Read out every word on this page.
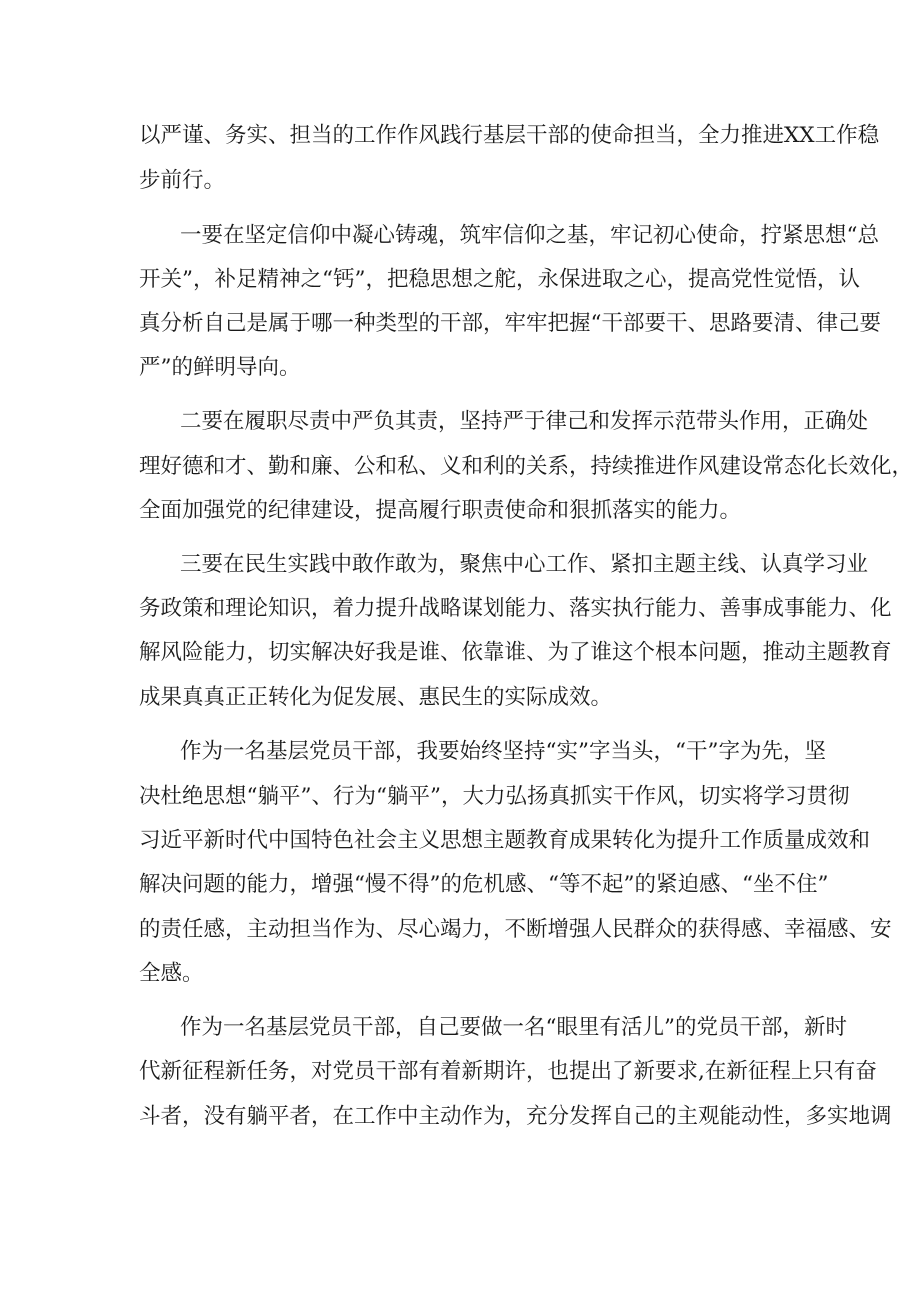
以严谨、务实、担当的工作作风践行基层干部的使命担当，全力推进XX工作稳
步前行。
一要在坚定信仰中凝心铸魂，筑牢信仰之基，牢记初心使命，拧紧思想“总
开关”，补足精神之“钙”，把稳思想之舵，永保进取之心，提高党性觉悟，认
真分析自己是属于哪一种类型的干部，牢牢把握“干部要干、思路要清、律己要
严”的鲜明导向。
二要在履职尽责中严负其责，坚持严于律己和发挥示范带头作用，正确处
理好德和才、勤和廉、公和私、义和利的关系，持续推进作风建设常态化长效化，
全面加强党的纪律建设，提高履行职责使命和狠抓落实的能力。
三要在民生实践中敢作敢为，聚焦中心工作、紧扣主题主线、认真学习业
务政策和理论知识，着力提升战略谋划能力、落实执行能力、善事成事能力、化
解风险能力，切实解决好我是谁、依靠谁、为了谁这个根本问题，推动主题教育
成果真真正正转化为促发展、惠民生的实际成效。
作为一名基层党员干部，我要始终坚持“实”字当头，“干”字为先，坚
决杜绝思想“躺平”、行为“躺平”，大力弘扬真抓实干作风，切实将学习贯彻
习近平新时代中国特色社会主义思想主题教育成果转化为提升工作质量成效和
解决问题的能力，增强“慢不得”的危机感、“等不起”的紧迫感、“坐不住”
的责任感，主动担当作为、尽心竭力，不断增强人民群众的获得感、幸福感、安
全感。
作为一名基层党员干部，自己要做一名“眼里有活儿”的党员干部，新时
代新征程新任务，对党员干部有着新期许，也提出了新要求,在新征程上只有奋
斗者，没有躺平者，在工作中主动作为，充分发挥自己的主观能动性，多实地调
